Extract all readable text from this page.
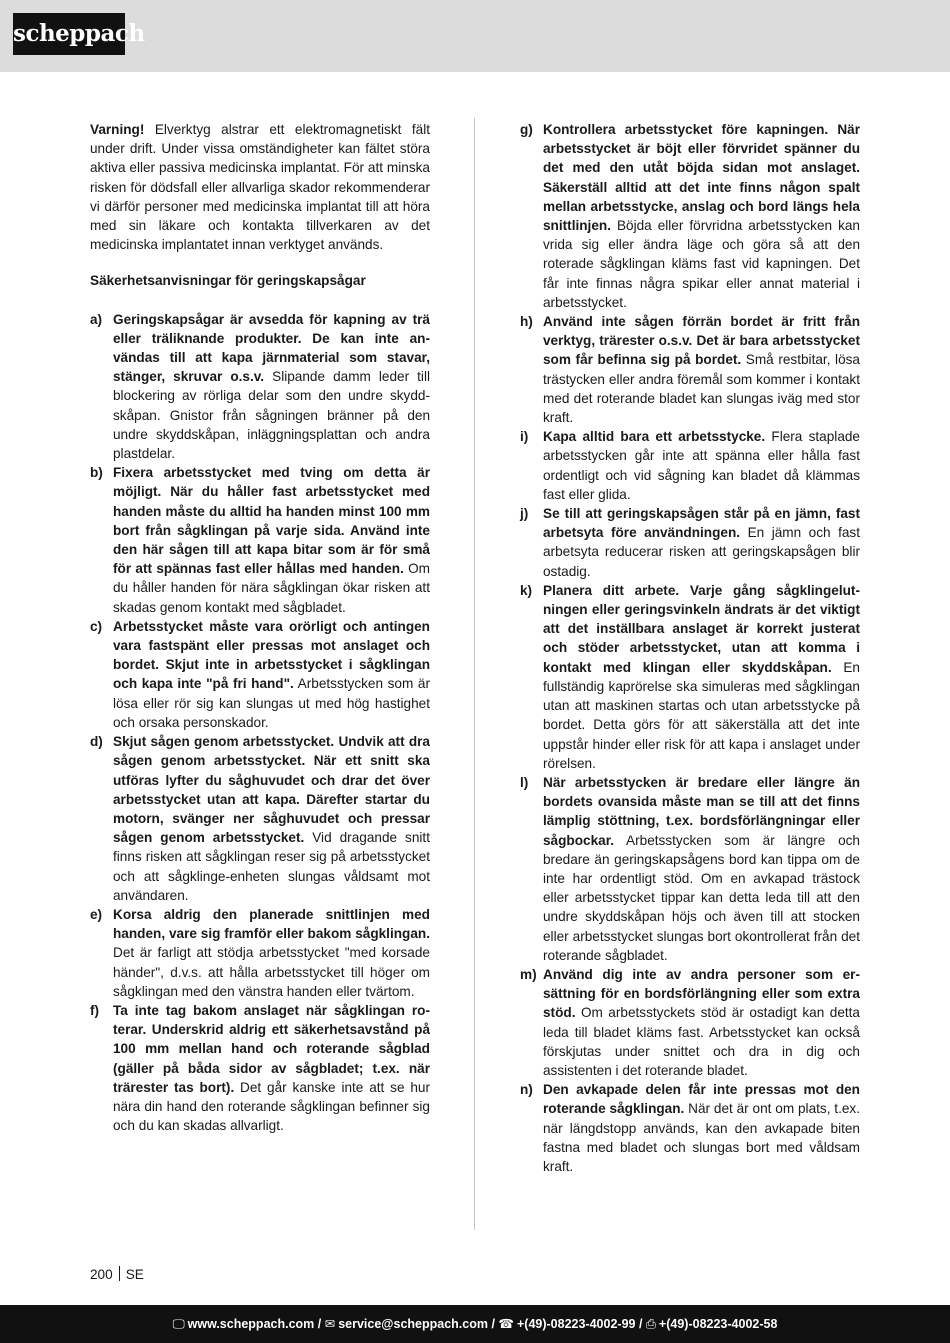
scheppach

Varning! Elverktyg alstrar ett elektromagnetiskt fält under drift. Under vissa omständigheter kan fältet störa aktiva eller passiva medicinska implantat. För att minska risken för dödsfall eller allvarliga skador rekommenderar vi därför personer med medicinska implantat till att höra med sin läkare och kontakta tillverkaren av det medicinska implantatet innan verktyget används.

Säkerhetsanvisningar för geringskapsågar
a) Geringskapsågar är avsedda för kapning av trä eller träliknande produkter. De kan inte användas till att kapa järnmaterial som stavar, stänger, skruvar o.s.v. Slipande damm leder till blockering av rörliga delar som den undre skyddskåpan. Gnistor från sågningen bränner på den undre skyddskåpan, inläggningsplattan och andra plastdelar.
b) Fixera arbetsstycket med tving om detta är möjligt. När du håller fast arbetsstycket med handen måste du alltid ha handen minst 100 mm bort från sågklingan på varje sida. Använd inte den här sågen till att kapa bitar som är för små för att spännas fast eller hållas med handen. Om du håller handen för nära sågklingan ökar risken att skadas genom kontakt med sågbladet.
c) Arbetsstycket måste vara orörligt och antingen vara fastspänt eller pressas mot anslaget och bordet. Skjut inte in arbetsstycket i sågklingan och kapa inte "på fri hand". Arbetsstycken som är lösa eller rör sig kan slungas ut med hög hastighet och orsaka personskador.
d) Skjut sågen genom arbetsstycket. Undvik att dra sågen genom arbetsstycket. När ett snitt ska utföras lyfter du såghuvudet och drar det över arbetsstycket utan att kapa. Därefter startar du motorn, svänger ner såghuvudet och pressar sågen genom arbetsstycket. Vid dragande snitt finns risken att sågklingan reser sig på arbetsstycket och att sågklinge-enheten slungas våldsamt mot användaren.
e) Korsa aldrig den planerade snittlinjen med handen, vare sig framför eller bakom sågklingan. Det är farligt att stödja arbetsstycket "med korsade händer", d.v.s. att hålla arbetsstycket till höger om sågklingan med den vänstra handen eller tvärtom.
f) Ta inte tag bakom anslaget när sågklingan roterar. Underskrid aldrig ett säkerhetsavstånd på 100 mm mellan hand och roterande sågblad (gäller på båda sidor av sågbladet; t.ex. när trärester tas bort). Det går kanske inte att se hur nära din hand den roterande sågklingan befinner sig och du kan skadas allvarligt.
g) Kontrollera arbetsstycket före kapningen. När arbetsstycket är böjt eller förvridet spänner du det med den utåt böjda sidan mot anslaget. Säkerställ alltid att det inte finns någon spalt mellan arbetsstycke, anslag och bord längs hela snittlinjen. Böjda eller förvridna arbetsstycken kan vrida sig eller ändra läge och göra så att den roterade sågklingan kläms fast vid kapningen. Det får inte finnas några spikar eller annat material i arbetsstycket.
h) Använd inte sågen förrän bordet är fritt från verktyg, trärester o.s.v. Det är bara arbetsstycket som får befinna sig på bordet. Små restbitar, lösa trästycken eller andra föremål som kommer i kontakt med det roterande bladet kan slungas iväg med stor kraft.
i) Kapa alltid bara ett arbetsstycke. Flera staplade arbetsstycken går inte att spänna eller hålla fast ordentligt och vid sågning kan bladet då klämmas fast eller glida.
j) Se till att geringskapsågen står på en jämn, fast arbetsyta före användningen. En jämn och fast arbetsyta reducerar risken att geringskapsågen blir ostadig.
k) Planera ditt arbete. Varje gång sågklingelutningen eller geringsvinkeln ändrats är det viktigt att det inställbara anslaget är korrekt justerat och stöder arbetsstycket, utan att komma i kontakt med klingan eller skyddskåpan. En fullständig kaprörelse ska simuleras med sågklingan utan att maskinen startas och utan arbetsstycke på bordet. Detta görs för att säkerställa att det inte uppstår hinder eller risk för att kapa i anslaget under rörelsen.
l) När arbetsstycken är bredare eller längre än bordets ovansida måste man se till att det finns lämplig stöttning, t.ex. bordsförlängningar eller sågbockar. Arbetsstycken som är längre och bredare än geringskapsågens bord kan tippa om de inte har ordentligt stöd. Om en avkapad trästock eller arbetsstycket tippar kan detta leda till att den undre skyddskåpan höjs och även till att stocken eller arbetsstycket slungas bort okontrollerat från det roterande sågbladet.
m) Använd dig inte av andra personer som ersättning för en bordsförlängning eller som extra stöd. Om arbetsstyckets stöd är ostadigt kan detta leda till bladet kläms fast. Arbetsstycket kan också förskjutas under snittet och dra in dig och assistenten i det roterande bladet.
n) Den avkapade delen får inte pressas mot den roterande sågklingan. När det är ont om plats, t.ex. när längdstopp används, kan den avkapade biten fastna med bladet och slungas bort med våldsam kraft.
200 SE
🖵 www.scheppach.com / ✉ service@scheppach.com / ☎ +(49)-08223-4002-99 / ⎙ +(49)-08223-4002-58
